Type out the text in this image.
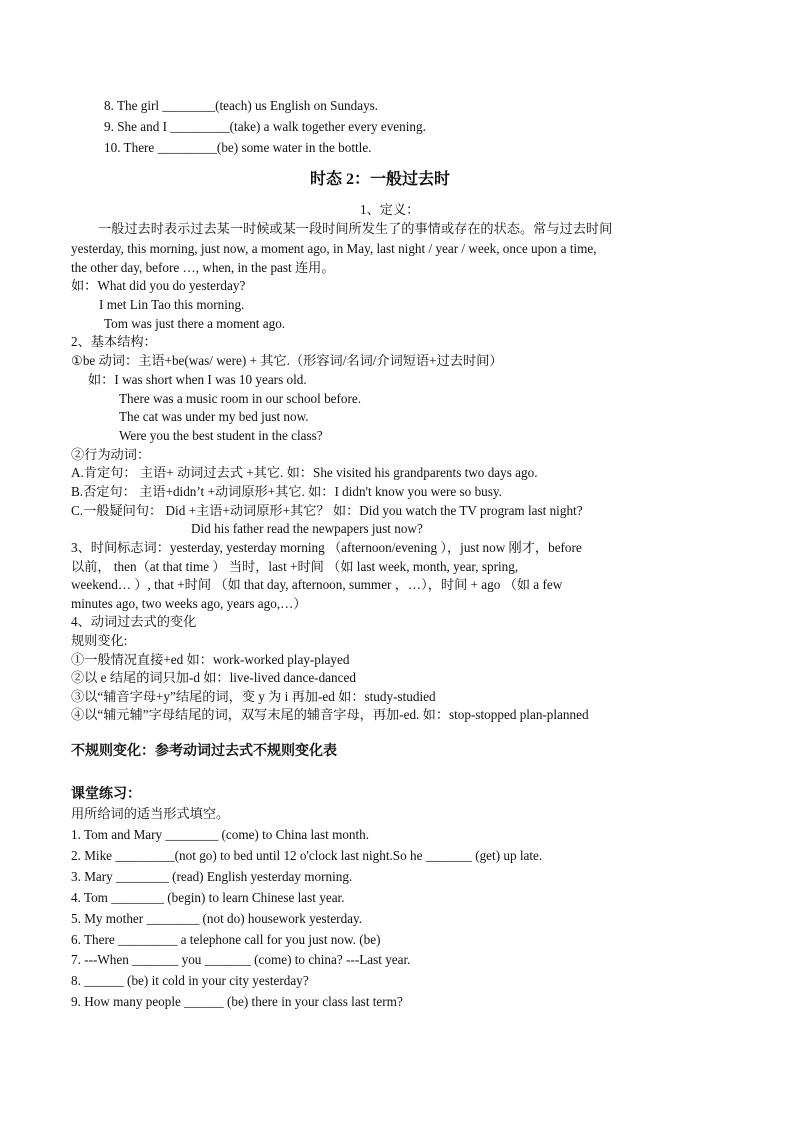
8. The girl ________(teach) us English on Sundays.
9. She and I _________(take) a walk together every evening.
10. There _________(be) some water in the bottle.
时态 2：一般过去时
1、定义：
一般过去时表示过去某一时候或某一段时间所发生了的事情或存在的状态。常与过去时间
yesterday, this morning, just now, a moment ago, in May, last night / year / week, once upon a time,
the other day, before …, when, in the past 连用。
如：What did you do yesterday?
I met Lin Tao this morning.
Tom was just there a moment ago.
2、基本结构：
①be 动词：主语+be(was/ were) + 其它.（形容词/名词/介词短语+过去时间）
如：I was short when I was 10 years old.
There was a music room in our school before.
The cat was under my bed just now.
Were you the best student in the class?
②行为动词：
A.肯定句： 主语+ 动词过去式 +其它. 如：She visited his grandparents two days ago.
B.否定句： 主语+didn’t +动词原形+其它. 如：I didn't know you were so busy.
C.一般疑问句： Did +主语+动词原形+其它？ 如：Did you watch the TV program last night?
Did his father read the newpapers just now?
3、时间标志词：yesterday, yesterday morning （afternoon/evening ），just now 刚才，before
以前， then（at that time ） 当时，last +时间 （如 last week, month, year, spring,
weekend… ）, that +时间 （如 that day, afternoon, summer ，…），时间 + ago （如 a few
minutes ago, two weeks ago, years ago,…）
4、动词过去式的变化
规则变化:
①一般情况直接+ed 如：work-worked play-played
②以 e 结尾的词只加-d 如：live-lived dance-danced
③以“辅音字母+y”结尾的词，变 y 为 i 再加-ed 如：study-studied
④以“辅元辅”字母结尾的词，双写末尾的辅音字母，再加-ed. 如：stop-stopped plan-planned
不规则变化：参考动词过去式不规则变化表
课堂练习：
用所给词的适当形式填空。
1. Tom and Mary ________ (come) to China last month.
2. Mike _________(not go) to bed until 12 o'clock last night.So he _______ (get) up late.
3. Mary ________ (read) English yesterday morning.
4. Tom ________ (begin) to learn Chinese last year.
5. My mother ________ (not do) housework yesterday.
6. There _________ a telephone call for you just now. (be)
7. ---When _______ you _______ (come) to china? ---Last year.
8. ______ (be) it cold in your city yesterday?
9. How many people ______ (be) there in your class last term?
